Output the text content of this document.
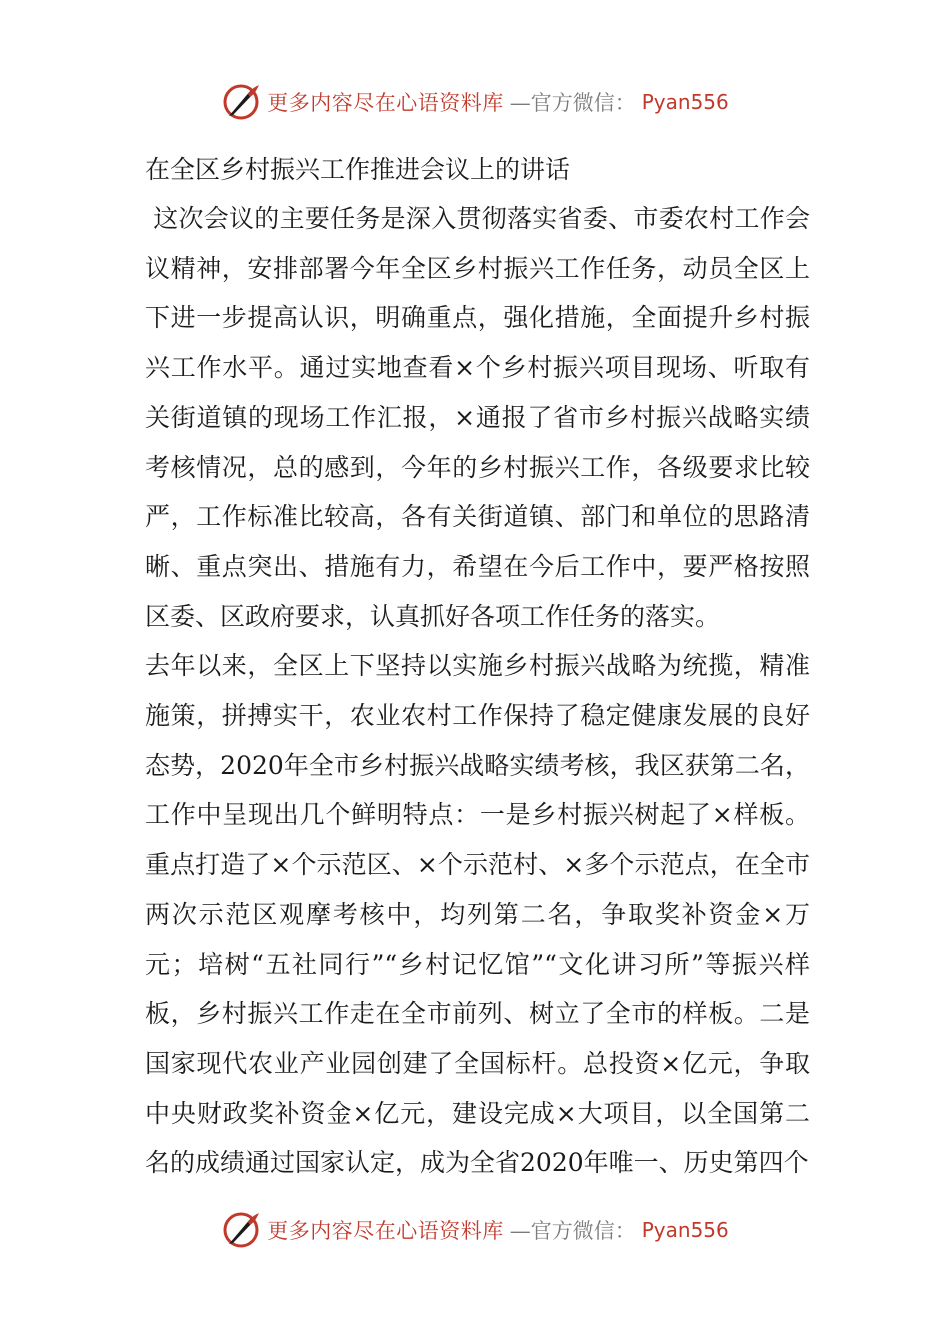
更多内容尽在心语资料库 —官方微信： Pyan556
在全区乡村振兴工作推进会议上的讲话

这次会议的主要任务是深入贯彻落实省委、市委农村工作会议精神，安排部署今年全区乡村振兴工作任务，动员全区上下进一步提高认识，明确重点，强化措施，全面提升乡村振兴工作水平。通过实地查看×个乡村振兴项目现场、听取有关街道镇的现场工作汇报，×通报了省市乡村振兴战略实绩考核情况，总的感到，今年的乡村振兴工作，各级要求比较严，工作标准比较高，各有关街道镇、部门和单位的思路清晰、重点突出、措施有力，希望在今后工作中，要严格按照区委、区政府要求，认真抓好各项工作任务的落实。

去年以来，全区上下坚持以实施乡村振兴战略为统揽，精准施策，拼搏实干，农业农村工作保持了稳定健康发展的良好态势，2020年全市乡村振兴战略实绩考核，我区获第二名，工作中呈现出几个鲜明特点：一是乡村振兴树起了×样板。重点打造了×个示范区、×个示范村、×多个示范点，在全市两次示范区观摩考核中，均列第二名，争取奖补资金×万元；培树“五社同行”“乡村记忆馆”“文化讲习所”等振兴样板，乡村振兴工作走在全市前列、树立了全市的样板。二是国家现代农业产业园创建了全国标杆。总投资×亿元，争取中央财政奖补资金×亿元，建设完成×大项目，以全国第二名的成绩通过国家认定，成为全省2020年唯一、历史第四个

更多内容尽在心语资料库 —官方微信： Pyan556
